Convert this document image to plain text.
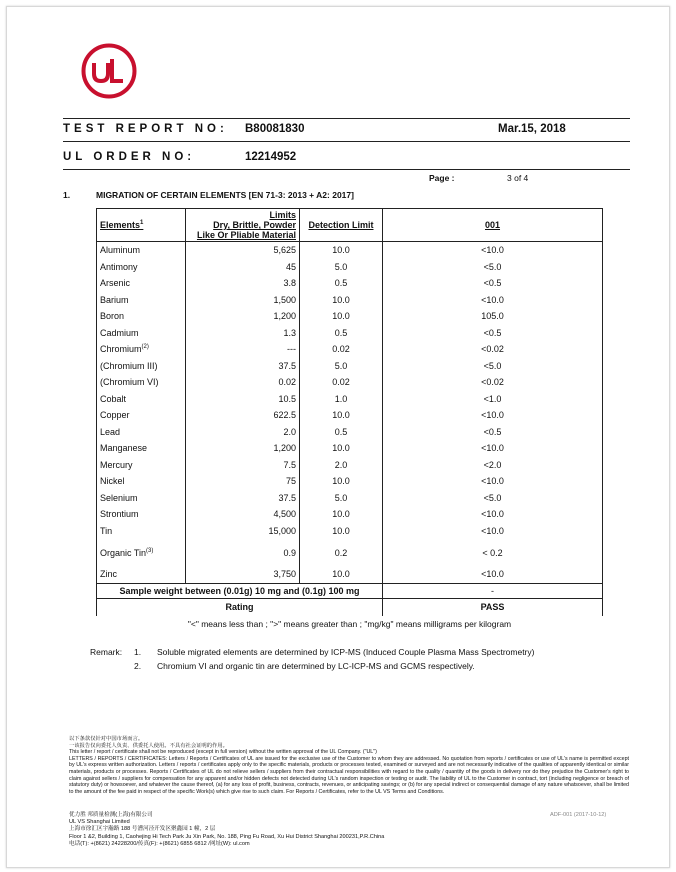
TEST REPORT NO: B80081830	Mar.15, 2018
UL ORDER NO:	12214952
Page :	3 of 4
1.	MIGRATION OF CERTAIN ELEMENTS [EN 71-3: 2013 + A2: 2017]
Elements$^1$	Limits
Dry, Brittle, Powder
Like Or Pliable Material	Detection Limit	001
Aluminum	5,625	10.0	<10.0
Antimony	45	5.0	<5.0
Arsenic	3.8	0.5	<0.5
Barium	1,500	10.0	<10.0
Boron	1,200	10.0	105.0
Cadmium	1.3	0.5	<0.5
Chromium$^{(2)}$	---	0.02	<0.02
(Chromium III)	37.5	5.0	<5.0
(Chromium VI)	0.02	0.02	<0.02
Cobalt	10.5	1.0	<1.0
Copper	622.5	10.0	<10.0
Lead	2.0	0.5	<0.5
Manganese	1,200	10.0	<10.0
Mercury	7.5	2.0	<2.0
Nickel	75	10.0	<10.0
Selenium	37.5	5.0	<5.0
Strontium	4,500	10.0	<10.0
Tin	15,000	10.0	<10.0
Organic Tin$^{(3)}$	0.9	0.2	< 0.2
Zinc	3,750	10.0	<10.0
Sample weight between (0.01g) 10 mg and (0.1g) 100 mg			-
Rating			PASS
"<" means less than ; ">" means greater than ; "mg/kg" means milligrams per kilogram			
Remark: 1. Soluble migrated elements are determined by ICP-MS (Induced Couple Plasma Mass Spectrometry)
2. Chromium VI and organic tin are determined by LC-ICP-MS and GCMS respectively.
以下条款仅针对中国市场而言。
一该报告仅向委托人负责、供委托人使用。不具有社会证明的作用。
This letter / report / certificate shall not be reproduced (except in full version) without the written approval of the UL Company. ("UL")
LETTERS / REPORTS / CERTIFICATES: Letters / Reports / Certificates of UL are issued for the exclusive use of the Customer to whom they are addressed. No quotation from reports / certificates or use of UL's name is permitted except by UL's express written authorization. Letters / reports / certificates apply only to the specific materials, products or processes tested, examined or surveyed and are not necessarily indicative of the qualities of apparently identical or similar materials, products or processes. Reports / Certificates of UL do not relieve sellers / suppliers from their contractual responsibilities with regard to the quality / quantity of the goods in delivery nor do they prejudice the Customer's right to claim against sellers / suppliers for compensation for any apparent and/or hidden defects not detected during UL's random inspection or testing or audit. The liability of UL to the Customer in contract, tort (including negligence or breach of statutory duty) or howsoever, and whatever the cause thereof, (a) for any loss of profit, business, contracts, revenues, or anticipating savings; or (b) for any special indirect or consequential damage of any nature whatsoever, shall be limited to the amount of the fee paid in respect of the specific Work(s) which give rise to such claim. For Reports / Certificates, refer to the UL VS Terms and Conditions.
优力胜 邦质量检测(上海)有限公司
UL VS Shanghai Limited
上海市徐汇区宇瀚路 188 号漕河泾开发区聚鑫园 1 幢，2 层
Floor 1 &2, Building 1, Caohejing Hi Tech Park Ju Xin Park, No. 188, Ping Fu Road, Xu Hui District Shanghai 200231,P.R.China
电话(T): +(8621) 24228200/传真(F): +(8621) 6855 6812 /网址(W): ul.com
ADF-001 (2017-10-12)
